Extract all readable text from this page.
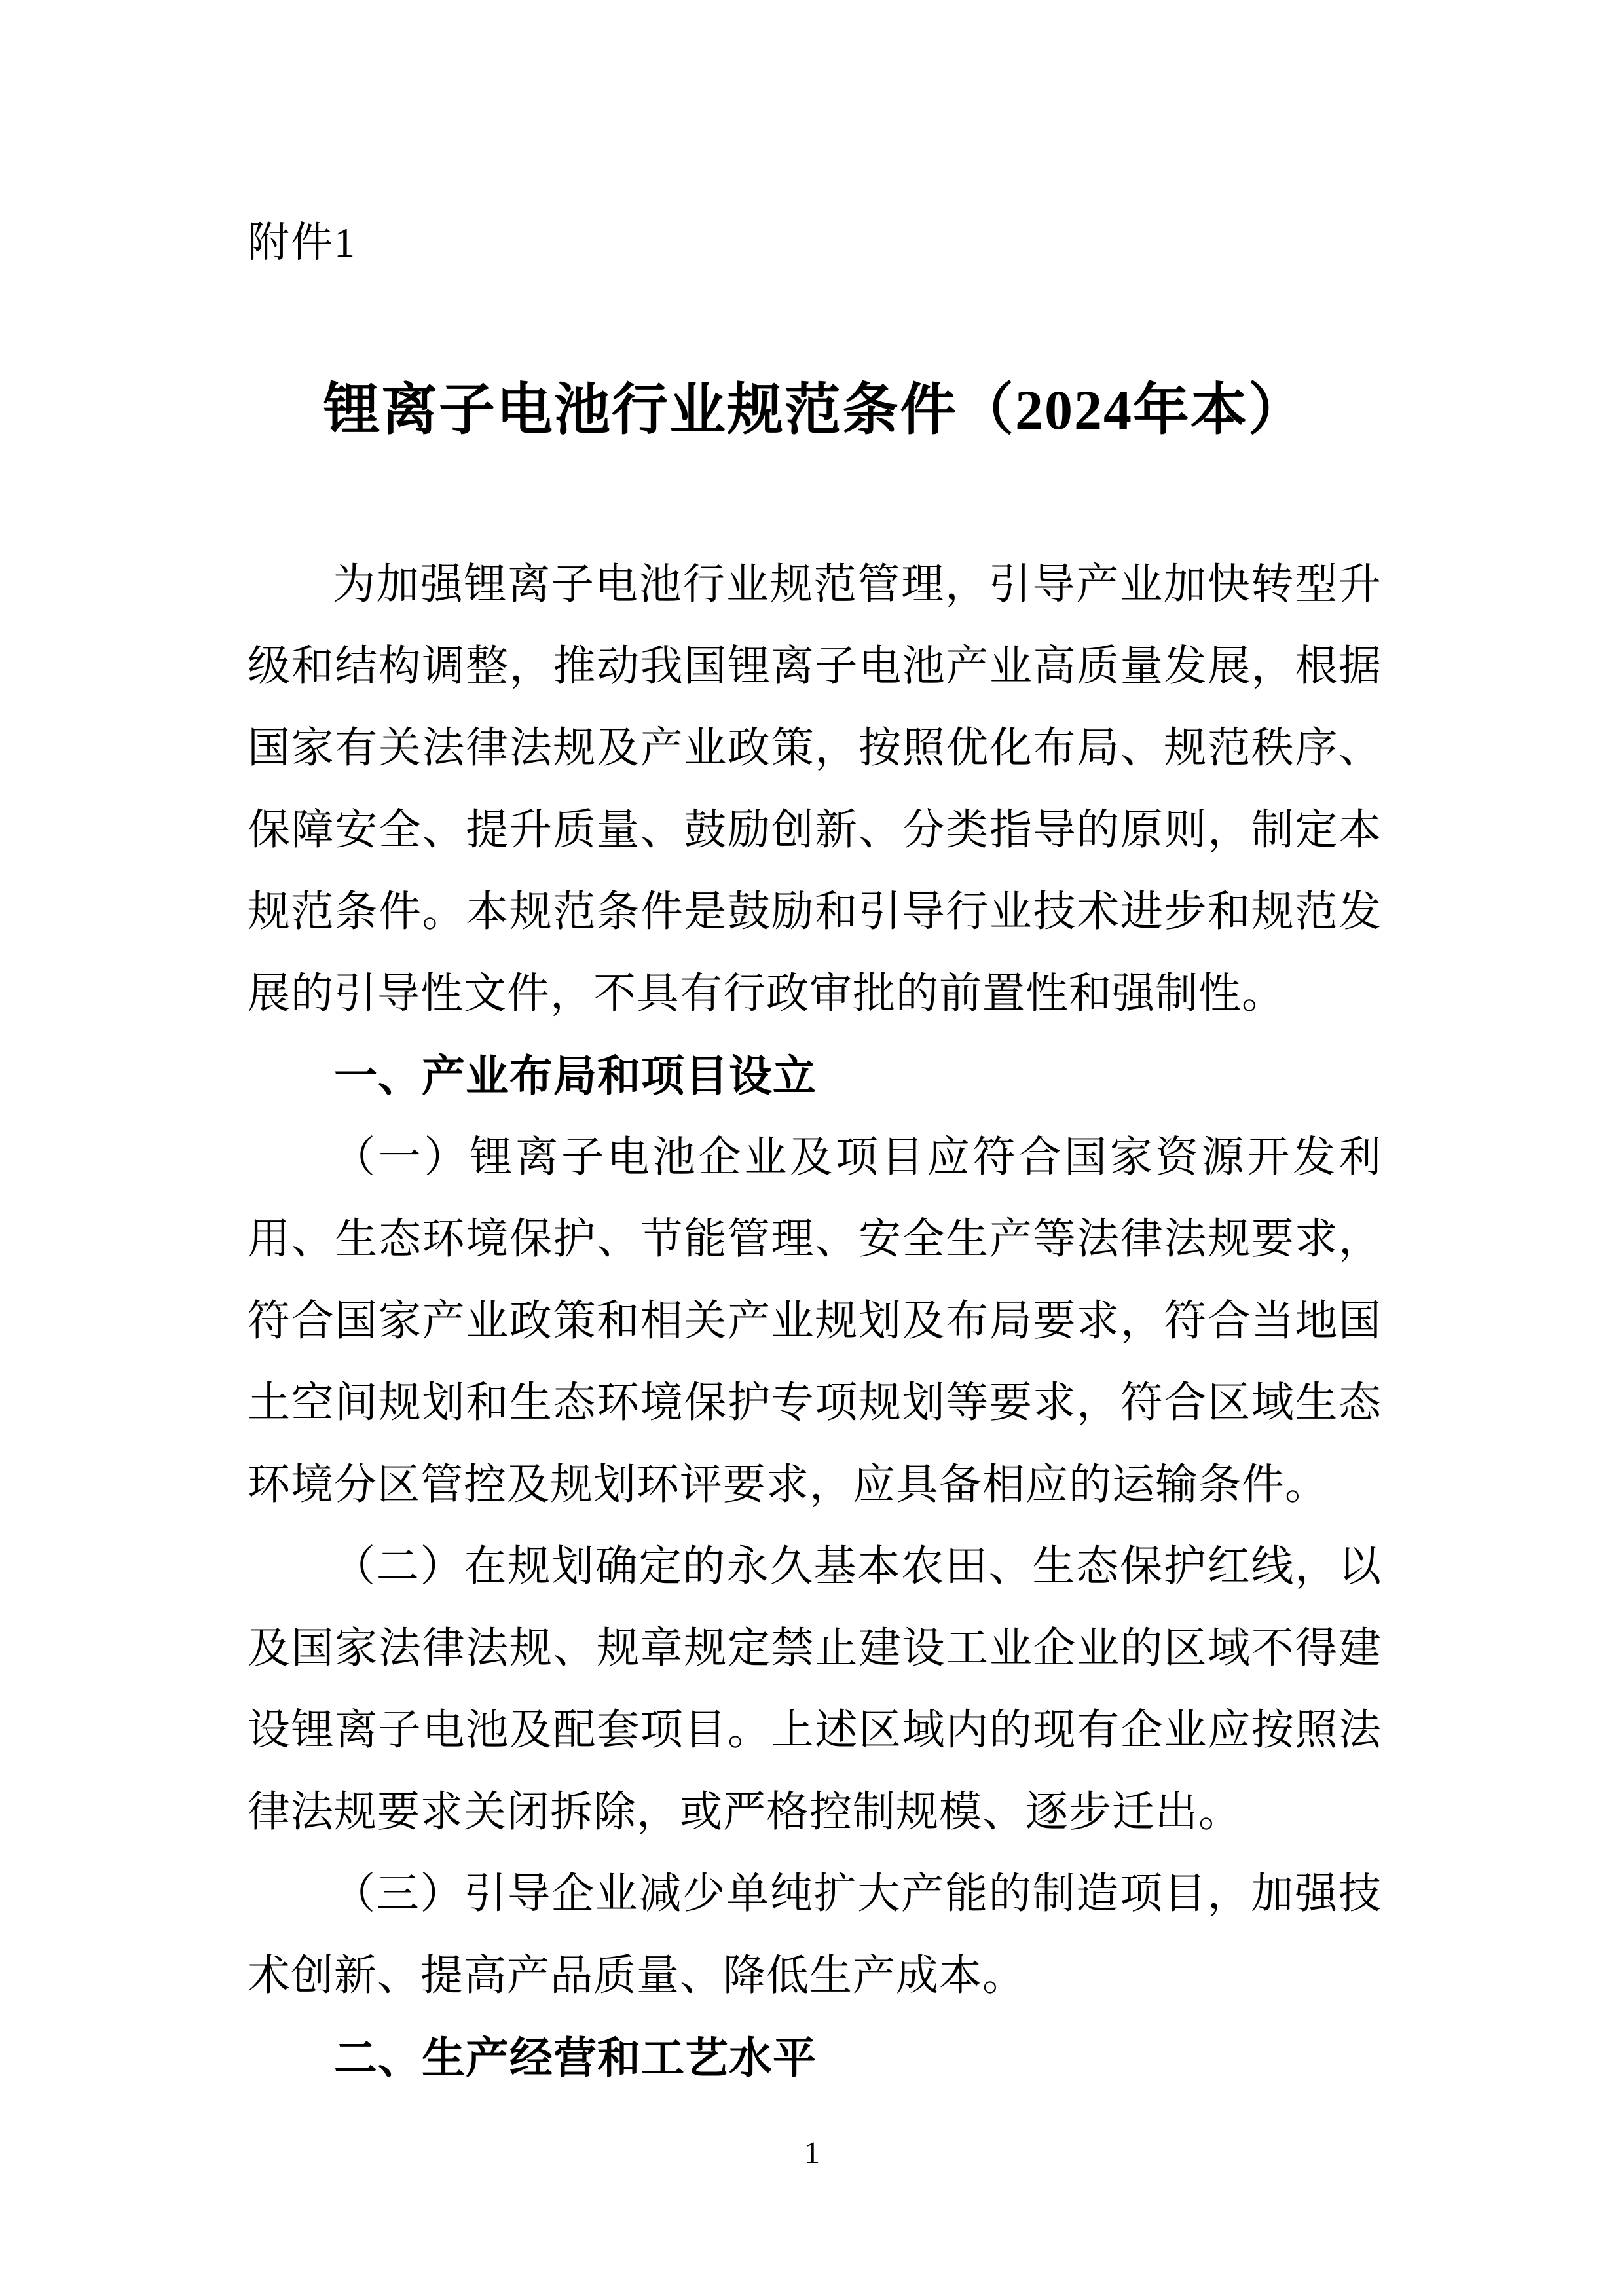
附件1
锂离子电池行业规范条件（2024年本）

为加强锂离子电池行业规范管理，引导产业加快转型升级和结构调整，推动我国锂离子电池产业高质量发展，根据国家有关法律法规及产业政策，按照优化布局、规范秩序、保障安全、提升质量、鼓励创新、分类指导的原则，制定本规范条件。本规范条件是鼓励和引导行业技术进步和规范发展的引导性文件，不具有行政审批的前置性和强制性。

一、产业布局和项目设立

（一）锂离子电池企业及项目应符合国家资源开发利用、生态环境保护、节能管理、安全生产等法律法规要求，符合国家产业政策和相关产业规划及布局要求，符合当地国土空间规划和生态环境保护专项规划等要求，符合区域生态环境分区管控及规划环评要求，应具备相应的运输条件。

（二）在规划确定的永久基本农田、生态保护红线，以及国家法律法规、规章规定禁止建设工业企业的区域不得建设锂离子电池及配套项目。上述区域内的现有企业应按照法律法规要求关闭拆除，或严格控制规模、逐步迁出。

（三）引导企业减少单纯扩大产能的制造项目，加强技术创新、提高产品质量、降低生产成本。

二、生产经营和工艺水平
1
